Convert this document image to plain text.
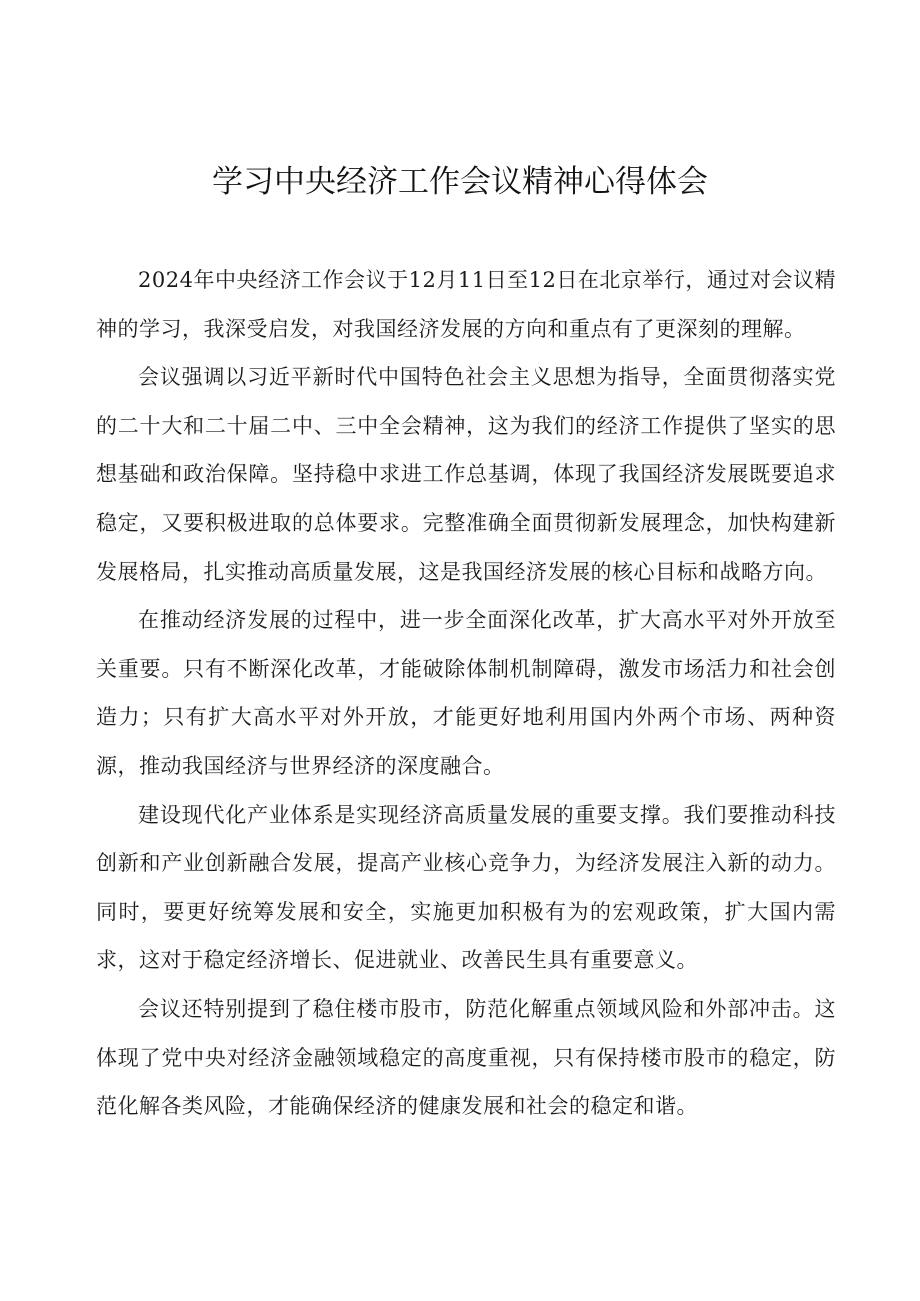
学习中央经济工作会议精神心得体会

2024年中央经济工作会议于12月11日至12日在北京举行，通过对会议精神的学习，我深受启发，对我国经济发展的方向和重点有了更深刻的理解。

会议强调以习近平新时代中国特色社会主义思想为指导，全面贯彻落实党的二十大和二十届二中、三中全会精神，这为我们的经济工作提供了坚实的思想基础和政治保障。坚持稳中求进工作总基调，体现了我国经济发展既要追求稳定，又要积极进取的总体要求。完整准确全面贯彻新发展理念，加快构建新发展格局，扎实推动高质量发展，这是我国经济发展的核心目标和战略方向。

在推动经济发展的过程中，进一步全面深化改革，扩大高水平对外开放至关重要。只有不断深化改革，才能破除体制机制障碍，激发市场活力和社会创造力；只有扩大高水平对外开放，才能更好地利用国内外两个市场、两种资源，推动我国经济与世界经济的深度融合。

建设现代化产业体系是实现经济高质量发展的重要支撑。我们要推动科技创新和产业创新融合发展，提高产业核心竞争力，为经济发展注入新的动力。同时，要更好统筹发展和安全，实施更加积极有为的宏观政策，扩大国内需求，这对于稳定经济增长、促进就业、改善民生具有重要意义。

会议还特别提到了稳住楼市股市，防范化解重点领域风险和外部冲击。这体现了党中央对经济金融领域稳定的高度重视，只有保持楼市股市的稳定，防范化解各类风险，才能确保经济的健康发展和社会的稳定和谐。
